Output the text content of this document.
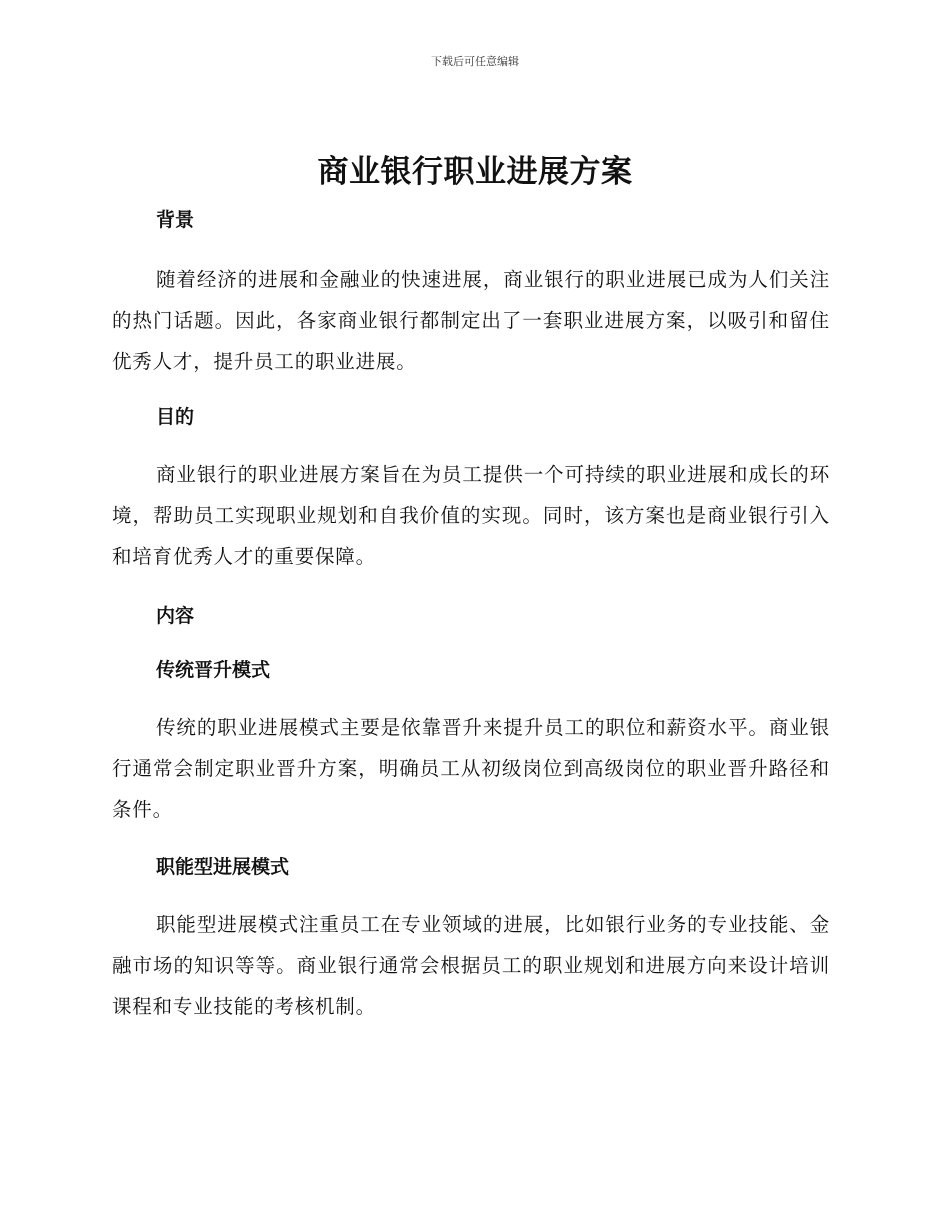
下载后可任意编辑
商业银行职业进展方案
背景

随着经济的进展和金融业的快速进展，商业银行的职业进展已成为人们关注的热门话题。因此，各家商业银行都制定出了一套职业进展方案，以吸引和留住优秀人才，提升员工的职业进展。

目的

商业银行的职业进展方案旨在为员工提供一个可持续的职业进展和成长的环境，帮助员工实现职业规划和自我价值的实现。同时，该方案也是商业银行引入和培育优秀人才的重要保障。

内容
传统晋升模式

传统的职业进展模式主要是依靠晋升来提升员工的职位和薪资水平。商业银行通常会制定职业晋升方案，明确员工从初级岗位到高级岗位的职业晋升路径和条件。

职能型进展模式

职能型进展模式注重员工在专业领域的进展，比如银行业务的专业技能、金融市场的知识等等。商业银行通常会根据员工的职业规划和进展方向来设计培训课程和专业技能的考核机制。
